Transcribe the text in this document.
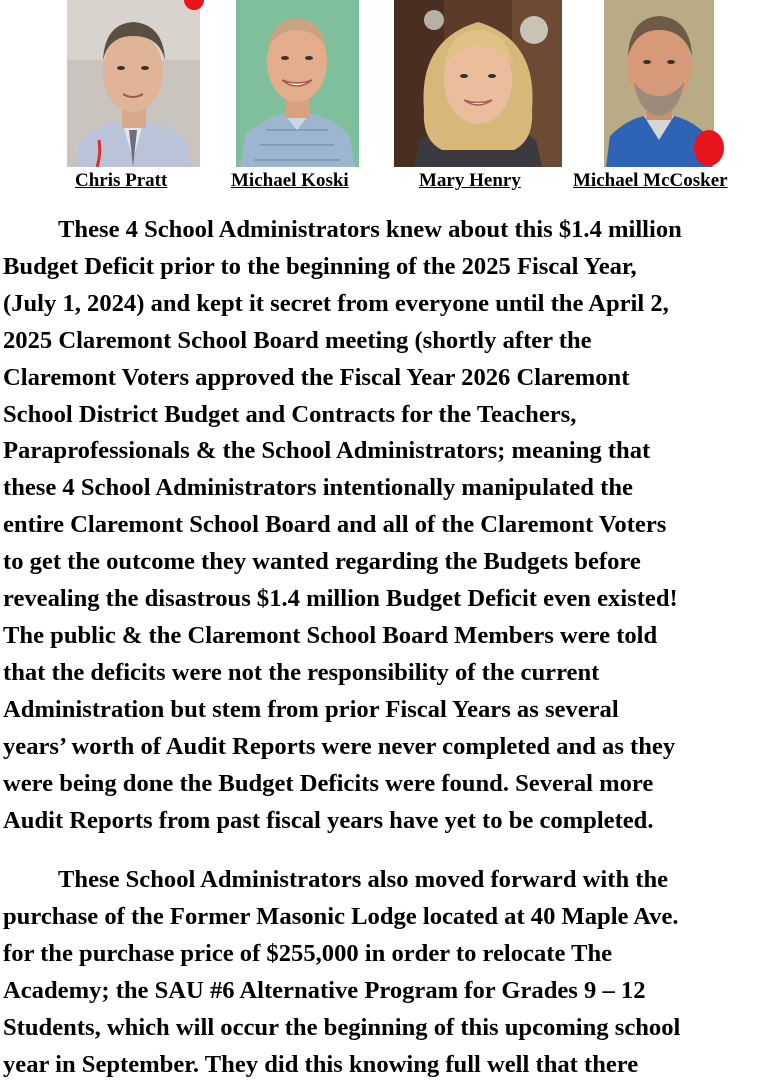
Chris Pratt	Michael Koski	Mary Henry	Michael McCosker
These 4 School Administrators knew about this $1.4 million
Budget Deficit prior to the beginning of the 2025 Fiscal Year,
(July 1, 2024) and kept it secret from everyone until the April 2,
2025 Claremont School Board meeting (shortly after the
Claremont Voters approved the Fiscal Year 2026 Claremont
School District Budget and Contracts for the Teachers,
Paraprofessionals & the School Administrators; meaning that
these 4 School Administrators intentionally manipulated the
entire Claremont School Board and all of the Claremont Voters
to get the outcome they wanted regarding the Budgets before
revealing the disastrous $1.4 million Budget Deficit even existed!
The public & the Claremont School Board Members were told
that the deficits were not the responsibility of the current
Administration but stem from prior Fiscal Years as several
years’ worth of Audit Reports were never completed and as they
were being done the Budget Deficits were found. Several more
Audit Reports from past fiscal years have yet to be completed.
These School Administrators also moved forward with the
purchase of the Former Masonic Lodge located at 40 Maple Ave.
for the purchase price of $255,000 in order to relocate The
Academy; the SAU #6 Alternative Program for Grades 9 – 12
Students, which will occur the beginning of this upcoming school
year in September. They did this knowing full well that there
